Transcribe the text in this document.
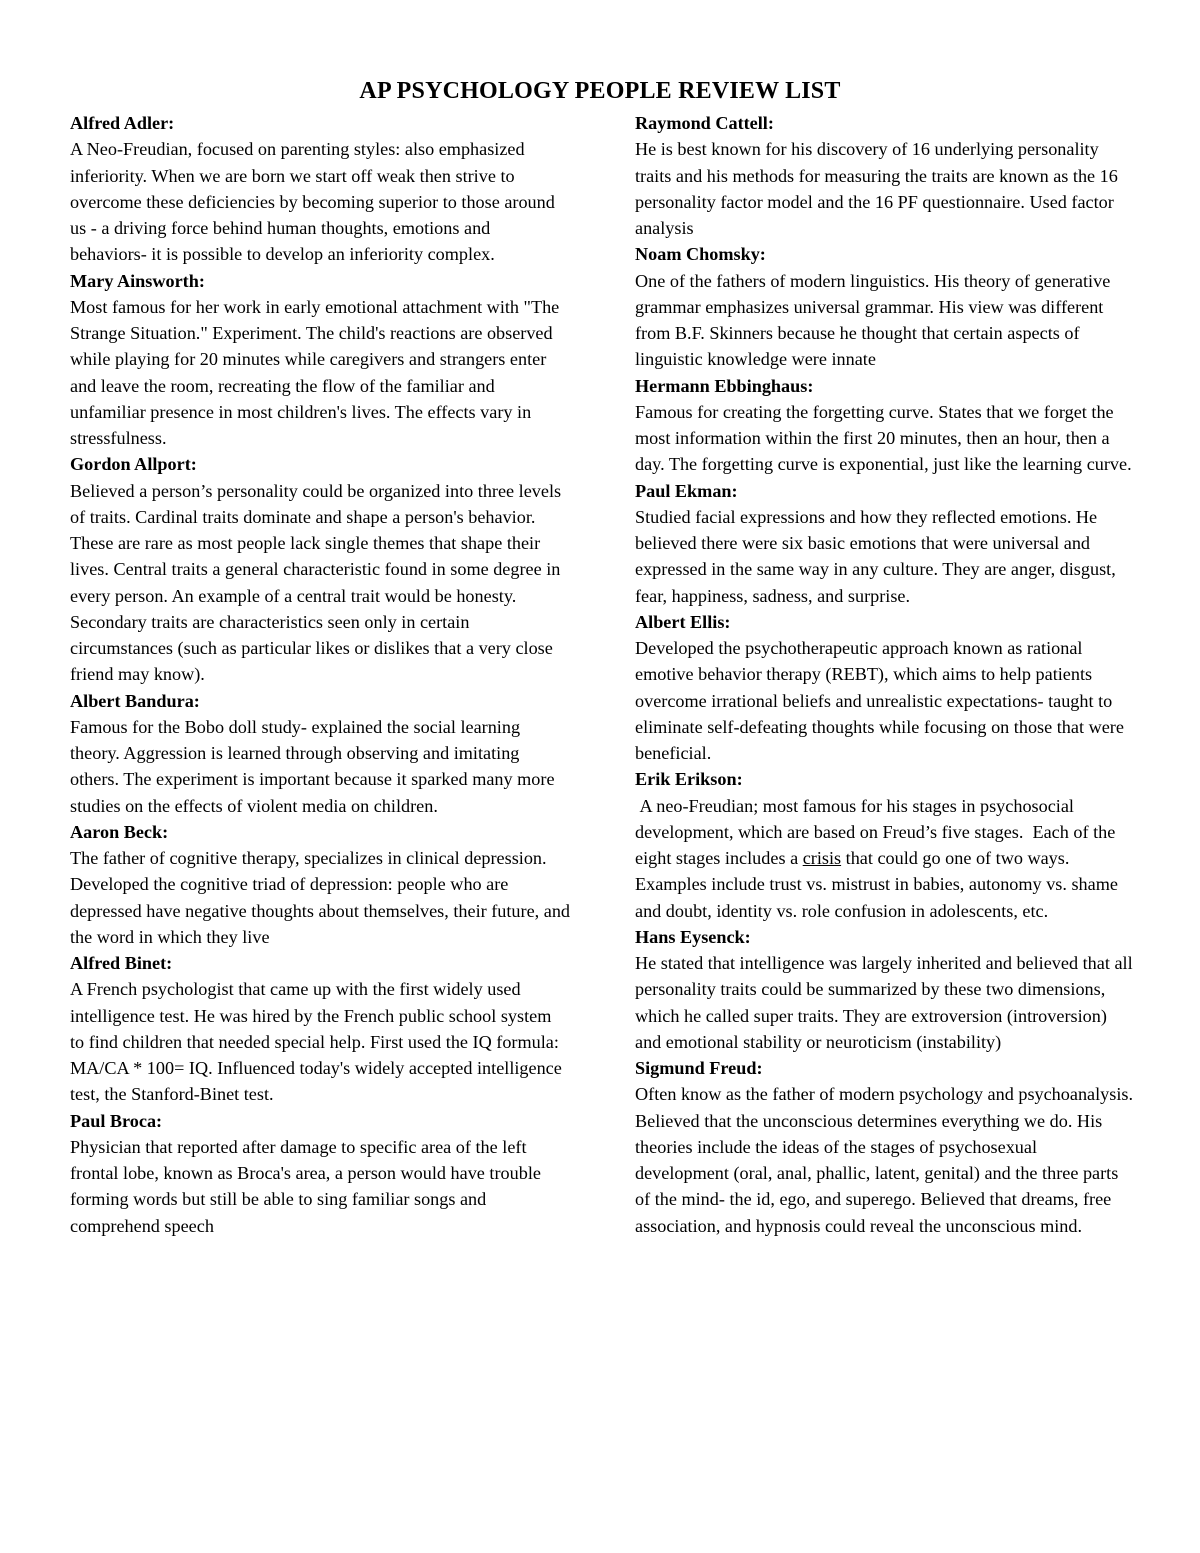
AP PSYCHOLOGY PEOPLE REVIEW LIST

Alfred Adler:

A Neo-Freudian, focused on parenting styles: also emphasized inferiority. When we are born we start off weak then strive to overcome these deficiencies by becoming superior to those around us - a driving force behind human thoughts, emotions and behaviors- it is possible to develop an inferiority complex.

Mary Ainsworth:

Most famous for her work in early emotional attachment with "The Strange Situation." Experiment. The child's reactions are observed while playing for 20 minutes while caregivers and strangers enter and leave the room, recreating the flow of the familiar and unfamiliar presence in most children's lives. The effects vary in stressfulness.

Gordon Allport:

Believed a person’s personality could be organized into three levels of traits. Cardinal traits dominate and shape a person's behavior. These are rare as most people lack single themes that shape their lives. Central traits a general characteristic found in some degree in every person. An example of a central trait would be honesty. Secondary traits are characteristics seen only in certain circumstances (such as particular likes or dislikes that a very close friend may know).

Albert Bandura:

Famous for the Bobo doll study- explained the social learning theory. Aggression is learned through observing and imitating others. The experiment is important because it sparked many more studies on the effects of violent media on children.

Aaron Beck:

The father of cognitive therapy, specializes in clinical depression. Developed the cognitive triad of depression: people who are depressed have negative thoughts about themselves, their future, and the word in which they live

Alfred Binet:

A French psychologist that came up with the first widely used intelligence test. He was hired by the French public school system to find children that needed special help. First used the IQ formula: MA/CA * 100= IQ. Influenced today's widely accepted intelligence test, the Stanford-Binet test.

Paul Broca:

Physician that reported after damage to specific area of the left frontal lobe, known as Broca's area, a person would have trouble forming words but still be able to sing familiar songs and comprehend speech

Raymond Cattell:

He is best known for his discovery of 16 underlying personality traits and his methods for measuring the traits are known as the 16 personality factor model and the 16 PF questionnaire. Used factor analysis

Noam Chomsky:

One of the fathers of modern linguistics. His theory of generative grammar emphasizes universal grammar. His view was different from B.F. Skinners because he thought that certain aspects of linguistic knowledge were innate

Hermann Ebbinghaus:

Famous for creating the forgetting curve. States that we forget the most information within the first 20 minutes, then an hour, then a day. The forgetting curve is exponential, just like the learning curve.

Paul Ekman:

Studied facial expressions and how they reflected emotions. He believed there were six basic emotions that were universal and expressed in the same way in any culture. They are anger, disgust, fear, happiness, sadness, and surprise.

Albert Ellis:

Developed the psychotherapeutic approach known as rational emotive behavior therapy (REBT), which aims to help patients overcome irrational beliefs and unrealistic expectations- taught to eliminate self-defeating thoughts while focusing on those that were beneficial.

Erik Erikson:

A neo-Freudian; most famous for his stages in psychosocial development, which are based on Freud’s five stages.  Each of the eight stages includes a crisis that could go one of two ways.  Examples include trust vs. mistrust in babies, autonomy vs. shame and doubt, identity vs. role confusion in adolescents, etc.

Hans Eysenck:

He stated that intelligence was largely inherited and believed that all personality traits could be summarized by these two dimensions, which he called super traits. They are extroversion (introversion) and emotional stability or neuroticism (instability)

Sigmund Freud:

Often know as the father of modern psychology and psychoanalysis. Believed that the unconscious determines everything we do. His theories include the ideas of the stages of psychosexual development (oral, anal, phallic, latent, genital) and the three parts of the mind- the id, ego, and superego. Believed that dreams, free association, and hypnosis could reveal the unconscious mind.
